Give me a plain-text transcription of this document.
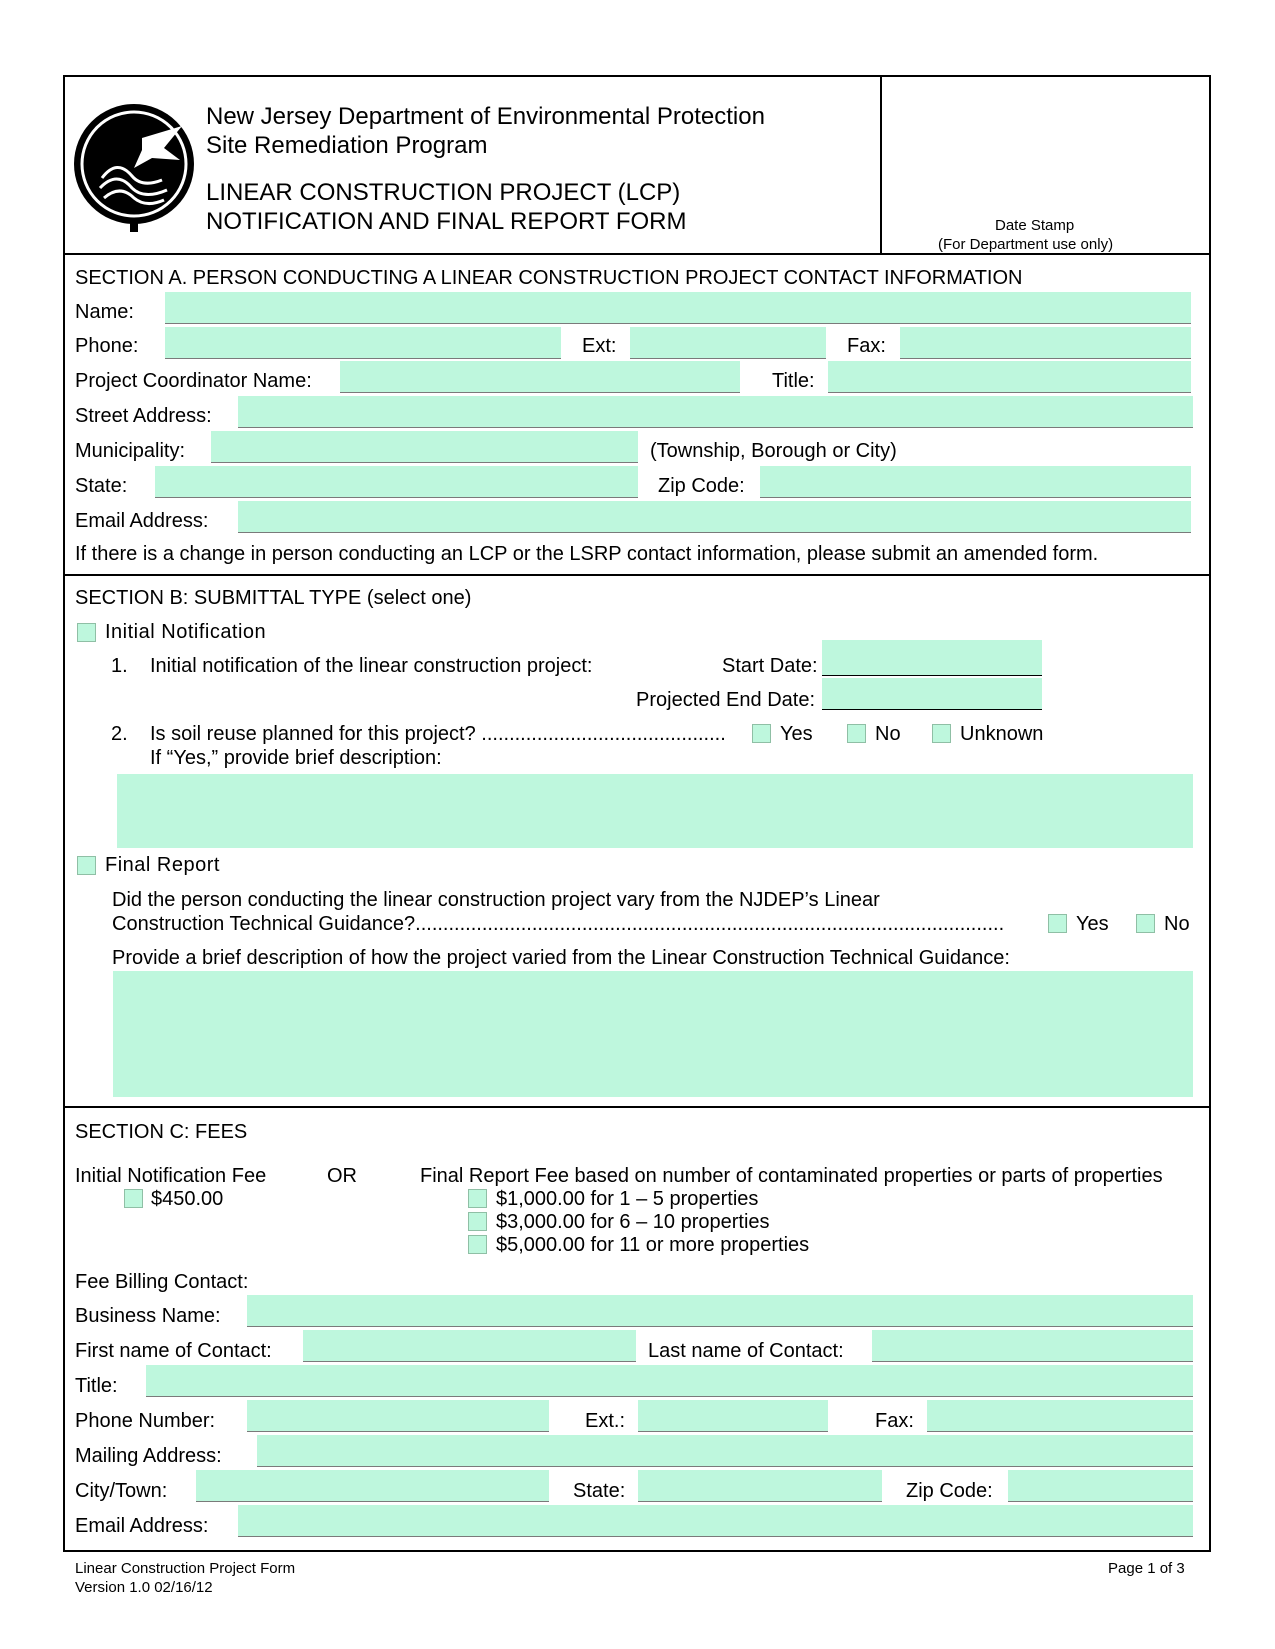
New Jersey Department of Environmental Protection
Site Remediation Program
LINEAR CONSTRUCTION PROJECT (LCP)
NOTIFICATION AND FINAL REPORT FORM	Date Stamp
(For Department use only)
SECTION A. PERSON CONDUCTING A LINEAR CONSTRUCTION PROJECT CONTACT INFORMATION
Name:
Phone:	Ext:	Fax:
Project Coordinator Name:	Title:
Street Address:
Municipality:	(Township, Borough or City)
State:	Zip Code:
Email Address:
If there is a change in person conducting an LCP or the LSRP contact information, please submit an amended form.
SECTION B: SUBMITTAL TYPE (select one)
Initial Notification
1. Initial notification of the linear construction project:	Start Date:
Projected End Date:
2. Is soil reuse planned for this project? ............................................	Yes	No	Unknown
If “Yes,” provide brief description:
Final Report
Did the person conducting the linear construction project vary from the NJDEP’s Linear
Construction Technical Guidance?..........................................................................................................	Yes	No
Provide a brief description of how the project varied from the Linear Construction Technical Guidance:
SECTION C: FEES
Initial Notification Fee	OR	Final Report Fee based on number of contaminated properties or parts of properties
$450.00	$1,000.00 for 1 – 5 properties
$3,000.00 for 6 – 10 properties
$5,000.00 for 11 or more properties
Fee Billing Contact:
Business Name:
First name of Contact:	Last name of Contact:
Title:
Phone Number:	Ext.:	Fax:
Mailing Address:
City/Town:	State:	Zip Code:
Email Address:
Linear Construction Project Form
Version 1.0 02/16/12
Page 1 of 3
